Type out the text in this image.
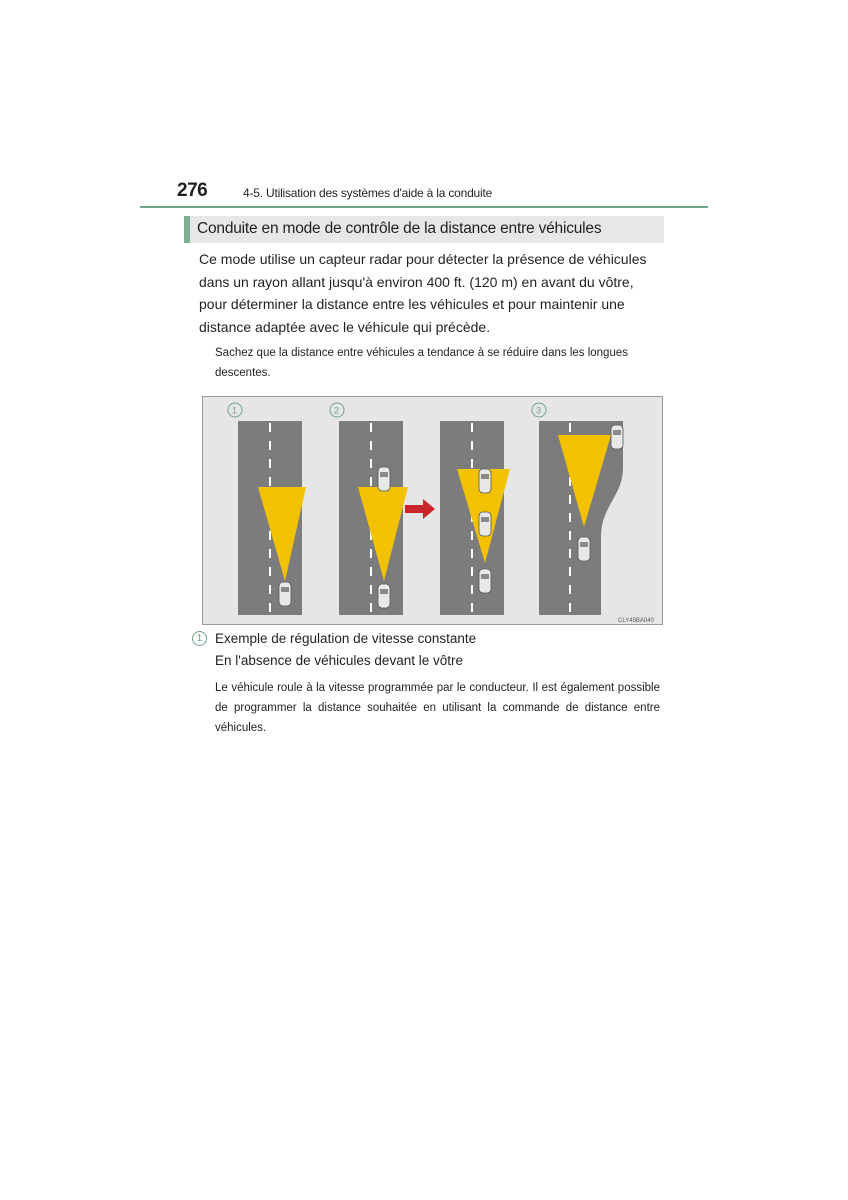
276	4-5. Utilisation des systèmes d'aide à la conduite
Conduite en mode de contrôle de la distance entre véhicules
Ce mode utilise un capteur radar pour détecter la présence de véhicules dans un rayon allant jusqu'à environ 400 ft. (120 m) en avant du vôtre, pour déterminer la distance entre les véhicules et pour maintenir une distance adaptée avec le véhicule qui précède.
Sachez que la distance entre véhicules a tendance à se réduire dans les longues descentes.
1	2	3
CLY45BA040
1 Exemple de régulation de vitesse constante
En l'absence de véhicules devant le vôtre
Le véhicule roule à la vitesse programmée par le conducteur. Il est également possible de programmer la distance souhaitée en utilisant la commande de distance entre véhicules.
